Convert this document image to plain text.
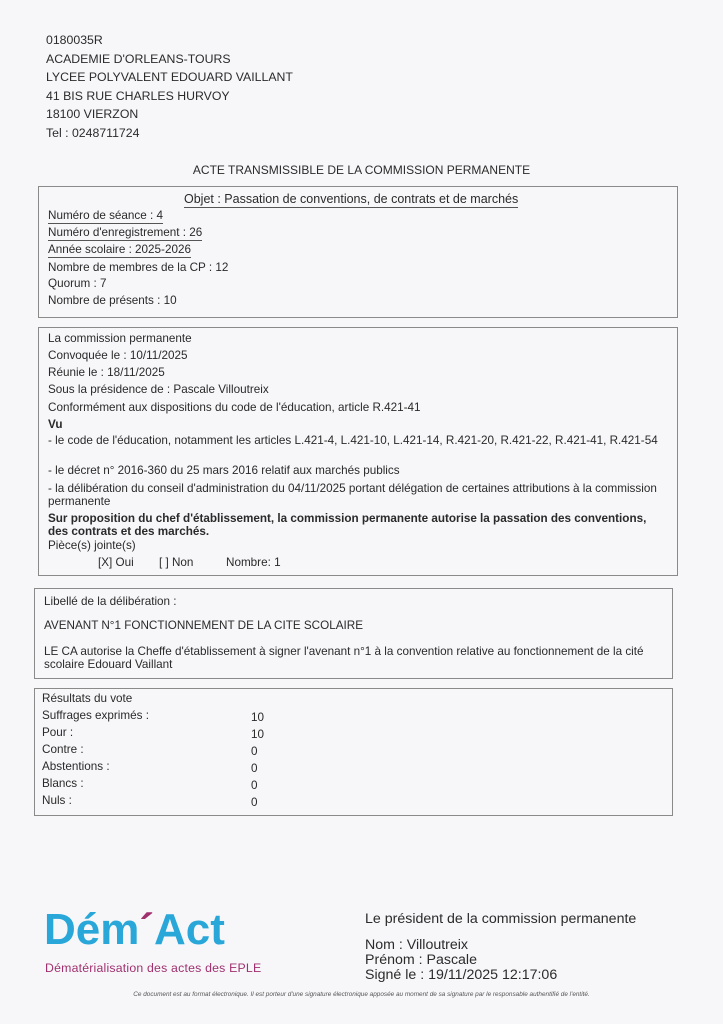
0180035R
ACADEMIE D'ORLEANS-TOURS
LYCEE POLYVALENT EDOUARD VAILLANT
41 BIS RUE CHARLES HURVOY
18100 VIERZON
Tel : 0248711724
ACTE TRANSMISSIBLE DE LA COMMISSION PERMANENTE
Objet : Passation de conventions, de contrats et de marchés
Numéro de séance : 4
Numéro d'enregistrement : 26
Année scolaire : 2025-2026
Nombre de membres de la CP : 12
Quorum : 7
Nombre de présents : 10
La commission permanente
Convoquée le : 10/11/2025
Réunie le : 18/11/2025
Sous la présidence de : Pascale Villoutreix
Conformément aux dispositions du code de l'éducation, article R.421-41
Vu
- le code de l'éducation, notamment les articles L.421-4, L.421-10, L.421-14, R.421-20, R.421-22, R.421-41, R.421-54
- le décret n° 2016-360 du 25 mars 2016 relatif aux marchés publics
- la délibération du conseil d'administration du 04/11/2025 portant délégation de certaines attributions à la commission permanente
Sur proposition du chef d'établissement, la commission permanente autorise la passation des conventions, des contrats et des marchés.
Pièce(s) jointe(s)
[X] Oui [ ] Non	Nombre: 1
Libellé de la délibération :
AVENANT N°1 FONCTIONNEMENT DE LA CITE SCOLAIRE
LE CA autorise la Cheffe d'établissement à signer l'avenant n°1 à la convention relative au fonctionnement de la cité scolaire Edouard Vaillant
Résultats du vote
Suffrages exprimés :	10
Pour :	10
Contre :	0
Abstentions :	0
Blancs :	0
Nuls :	0
Dém´Act
Dématérialisation des actes des EPLE
Le président de la commission permanente
Nom : Villoutreix
Prénom : Pascale
Signé le : 19/11/2025 12:17:06
Ce document est au format électronique. Il est porteur d'une signature électronique apposée au moment de sa signature par le responsable authentifié de l'entité.
